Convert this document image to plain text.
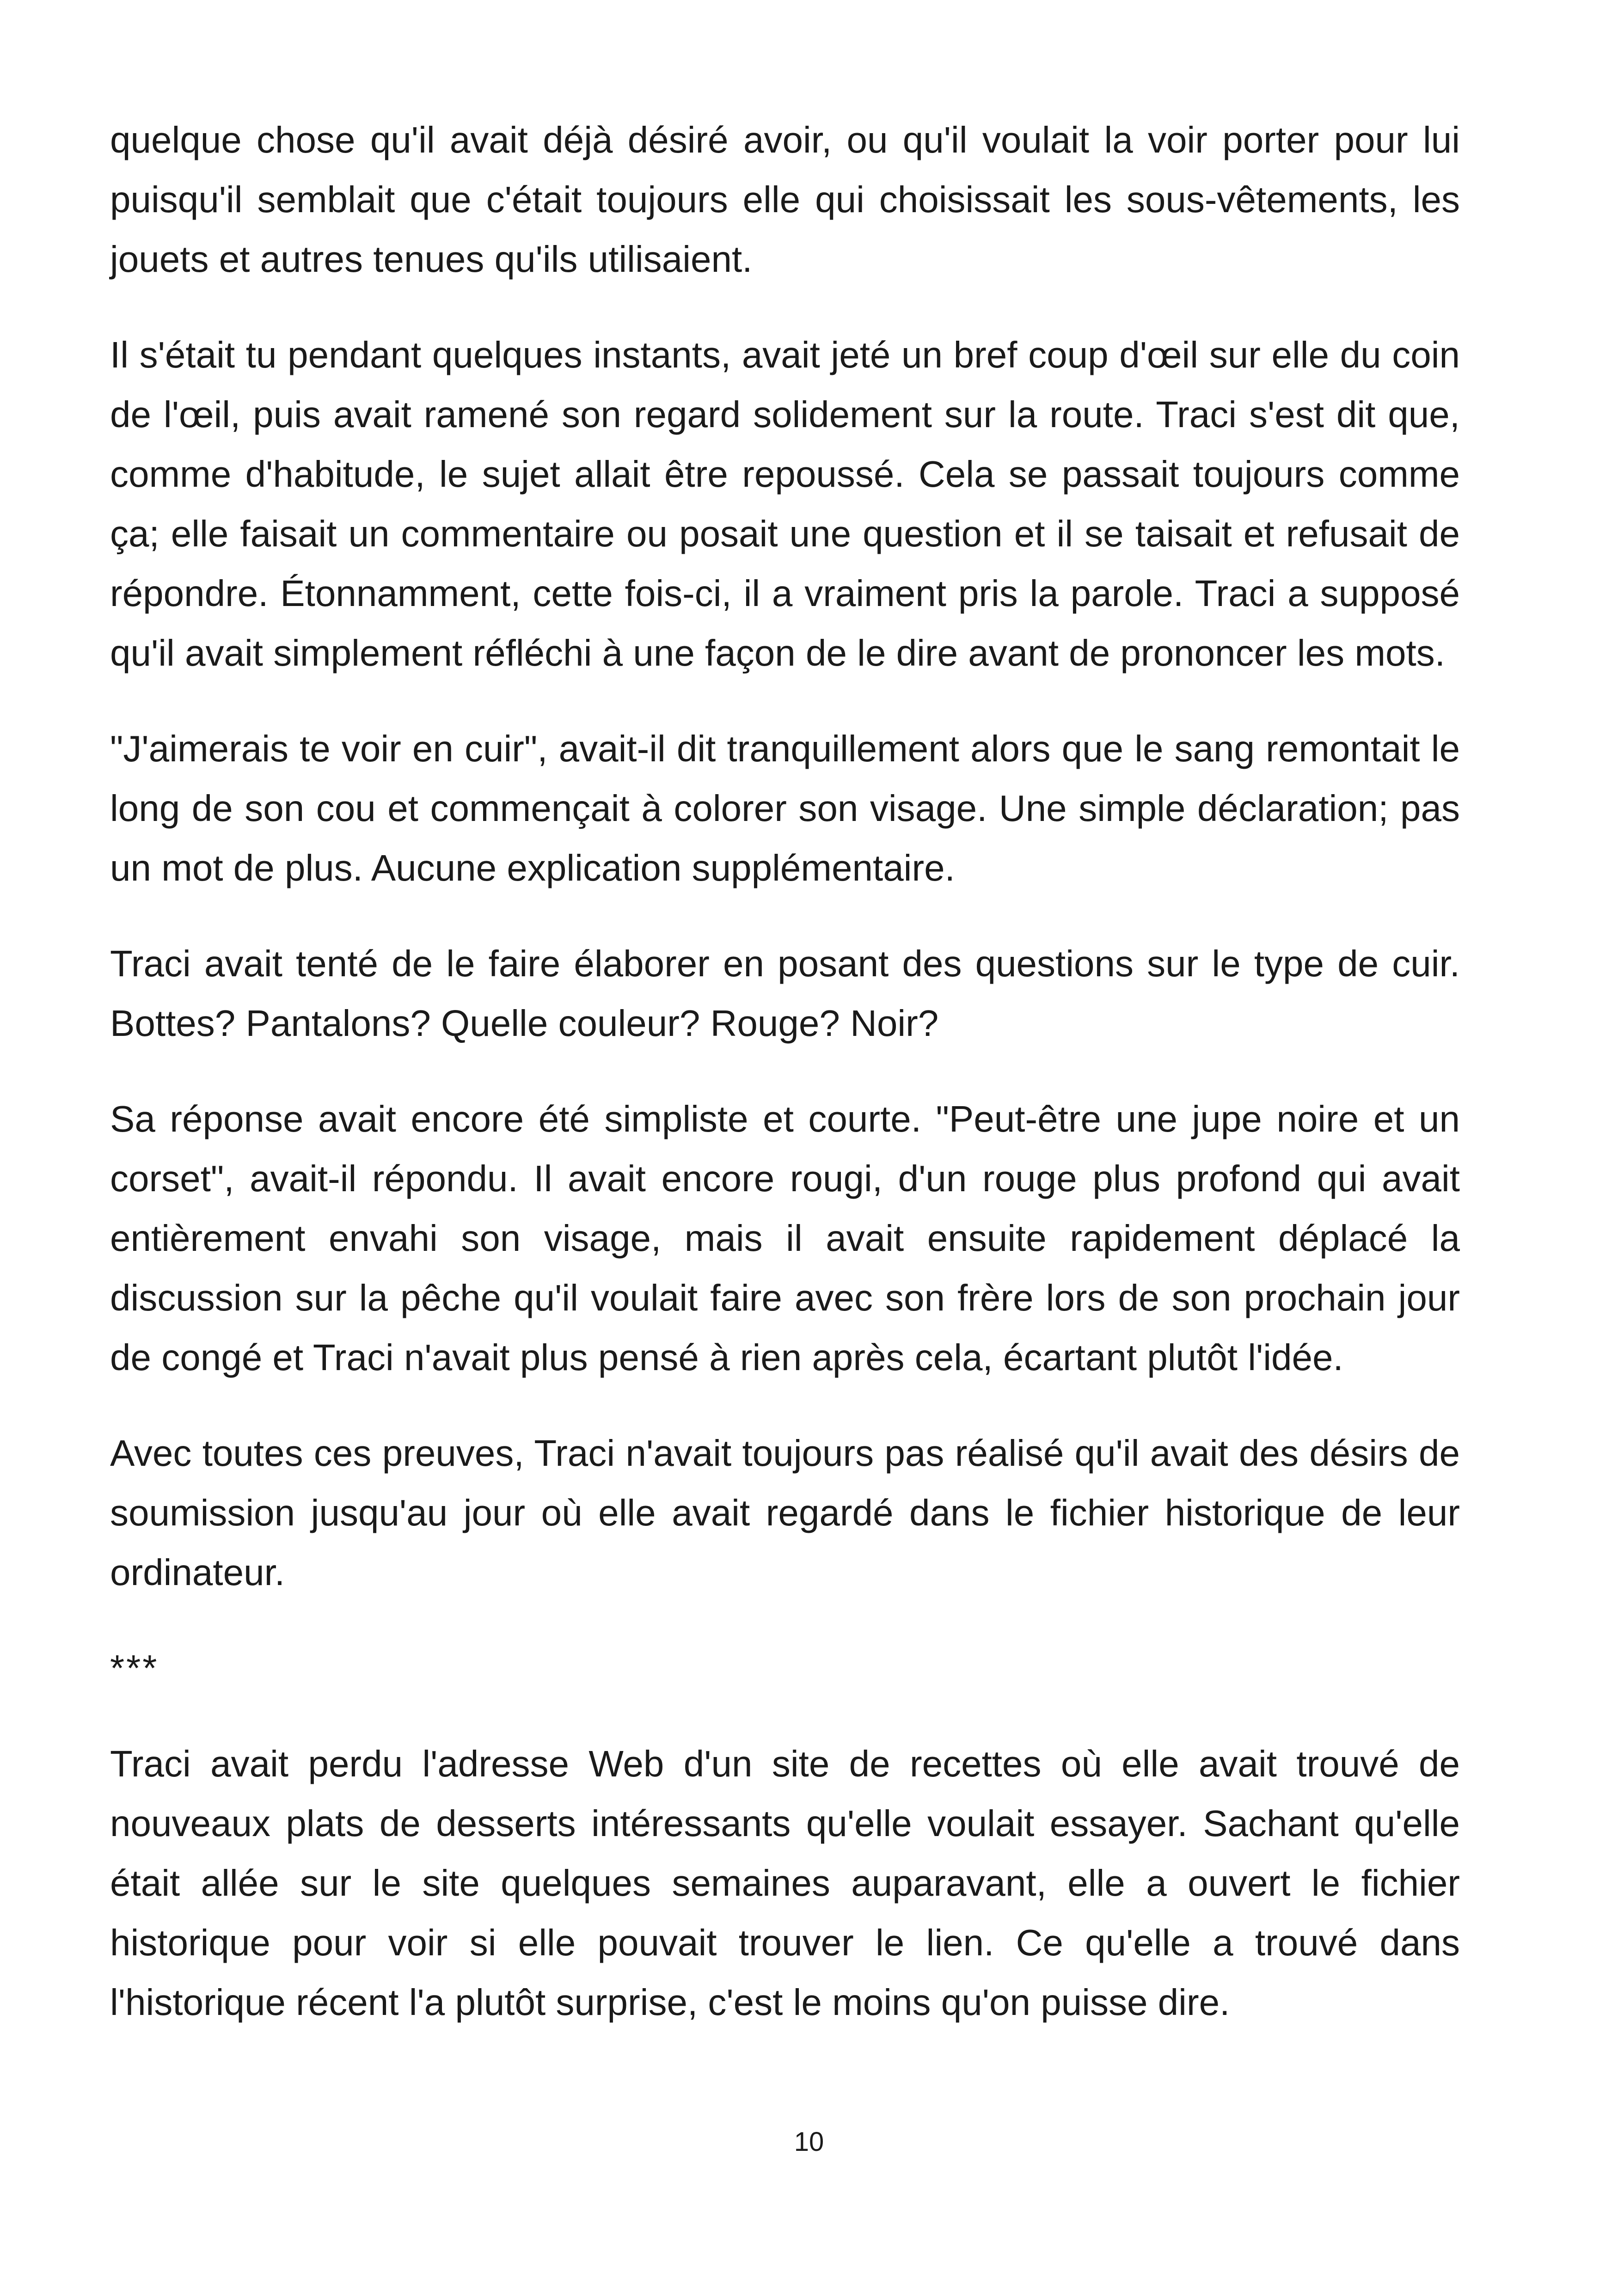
quelque chose qu'il avait déjà désiré avoir, ou qu'il voulait la voir porter pour lui puisqu'il semblait que c'était toujours elle qui choisissait les sous-vêtements, les jouets et autres tenues qu'ils utilisaient.

Il s'était tu pendant quelques instants, avait jeté un bref coup d'œil sur elle du coin de l'œil, puis avait ramené son regard solidement sur la route. Traci s'est dit que, comme d'habitude, le sujet allait être repoussé. Cela se passait toujours comme ça; elle faisait un commentaire ou posait une question et il se taisait et refusait de répondre. Étonnamment, cette fois-ci, il a vraiment pris la parole. Traci a supposé qu'il avait simplement réfléchi à une façon de le dire avant de prononcer les mots.

"J'aimerais te voir en cuir", avait-il dit tranquillement alors que le sang remontait le long de son cou et commençait à colorer son visage. Une simple déclaration; pas un mot de plus. Aucune explication supplémentaire.

Traci avait tenté de le faire élaborer en posant des questions sur le type de cuir. Bottes? Pantalons? Quelle couleur? Rouge? Noir?

Sa réponse avait encore été simpliste et courte. "Peut-être une jupe noire et un corset", avait-il répondu. Il avait encore rougi, d'un rouge plus profond qui avait entièrement envahi son visage, mais il avait ensuite rapidement déplacé la discussion sur la pêche qu'il voulait faire avec son frère lors de son prochain jour de congé et Traci n'avait plus pensé à rien après cela, écartant plutôt l'idée.

Avec toutes ces preuves, Traci n'avait toujours pas réalisé qu'il avait des désirs de soumission jusqu'au jour où elle avait regardé dans le fichier historique de leur ordinateur.

***

Traci avait perdu l'adresse Web d'un site de recettes où elle avait trouvé de nouveaux plats de desserts intéressants qu'elle voulait essayer. Sachant qu'elle était allée sur le site quelques semaines auparavant, elle a ouvert le fichier historique pour voir si elle pouvait trouver le lien. Ce qu'elle a trouvé dans l'historique récent l'a plutôt surprise, c'est le moins qu'on puisse dire.

10
